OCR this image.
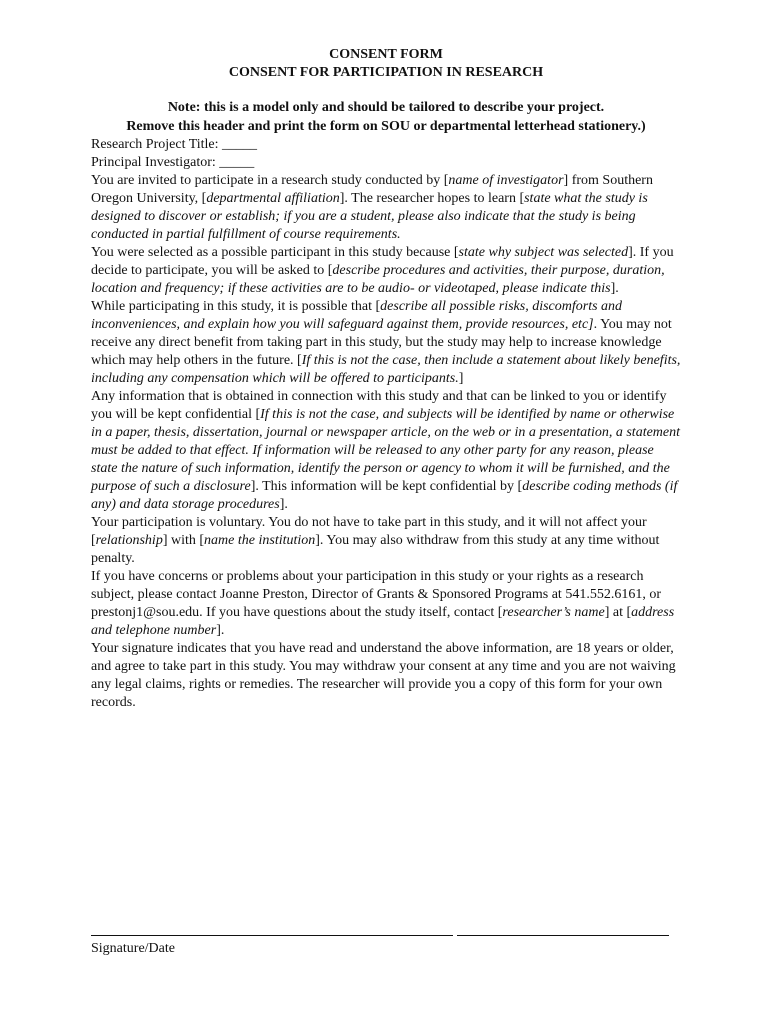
CONSENT FORM

CONSENT FOR PARTICIPATION IN RESEARCH

Note: this is a model only and should be tailored to describe your project.
Remove this header and print the form on SOU or departmental letterhead stationery.)

Research Project Title: _____

Principal Investigator: _____

You are invited to participate in a research study conducted by [name of investigator] from Southern Oregon University, [departmental affiliation]. The researcher hopes to learn [state what the study is designed to discover or establish; if you are a student, please also indicate that the study is being conducted in partial fulfillment of course requirements.

You were selected as a possible participant in this study because [state why subject was selected]. If you decide to participate, you will be asked to [describe procedures and activities, their purpose, duration, location and frequency; if these activities are to be audio- or videotaped, please indicate this].

While participating in this study, it is possible that [describe all possible risks, discomforts and inconveniences, and explain how you will safeguard against them, provide resources, etc]. You may not receive any direct benefit from taking part in this study, but the study may help to increase knowledge which may help others in the future. [If this is not the case, then include a statement about likely benefits, including any compensation which will be offered to participants.]

Any information that is obtained in connection with this study and that can be linked to you or identify you will be kept confidential [If this is not the case, and subjects will be identified by name or otherwise in a paper, thesis, dissertation, journal or newspaper article, on the web or in a presentation, a statement must be added to that effect. If information will be released to any other party for any reason, please state the nature of such information, identify the person or agency to whom it will be furnished, and the purpose of such a disclosure]. This information will be kept confidential by [describe coding methods (if any) and data storage procedures].

Your participation is voluntary. You do not have to take part in this study, and it will not affect your [relationship] with [name the institution]. You may also withdraw from this study at any time without penalty.

If you have concerns or problems about your participation in this study or your rights as a research subject, please contact Joanne Preston, Director of Grants & Sponsored Programs at 541.552.6161, or prestonj1@sou.edu. If you have questions about the study itself, contact [researcher’s name] at [address and telephone number].

Your signature indicates that you have read and understand the above information, are 18 years or older, and agree to take part in this study. You may withdraw your consent at any time and you are not waiving any legal claims, rights or remedies. The researcher will provide you a copy of this form for your own records.

Signature/Date
